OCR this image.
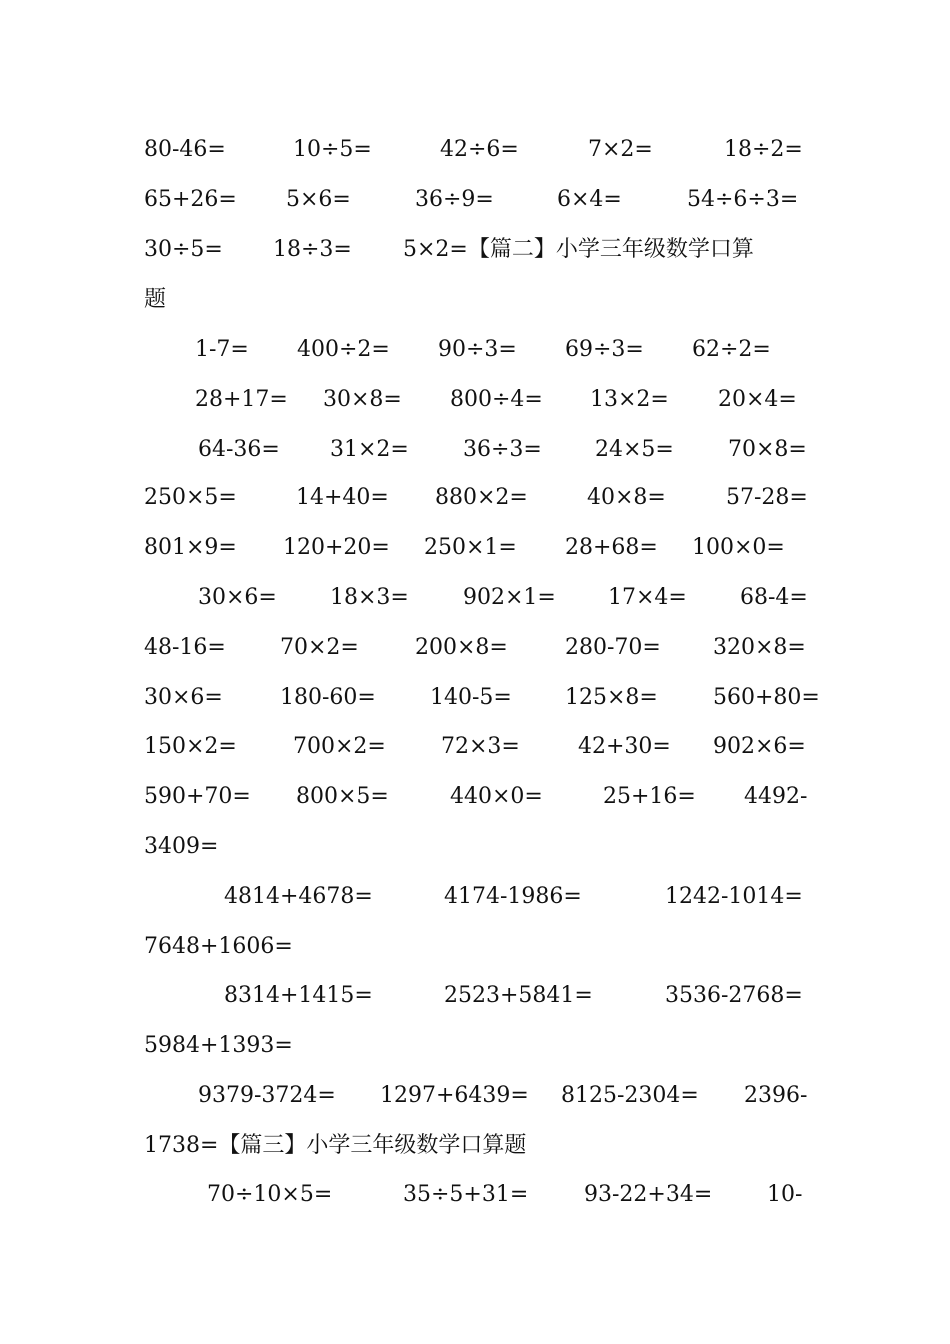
80-46=	10÷5=	42÷6=	7×2=	18÷2=
65+26= 5×6=	36÷9=	6×4=	54÷6÷3=
30÷5= 18÷3= 5×2=【篇二】小学三年级数学口算
题
1-7= 400÷2= 90÷3= 69÷3= 62÷2=
28+17= 30×8= 800÷4= 13×2= 20×4=
64-36= 31×2= 36÷3= 24×5= 70×8=
250×5=	14+40= 880×2=	40×8=	57-28=
801×9= 120+20= 250×1= 28+68= 100×0=
30×6= 18×3= 902×1= 17×4= 68-4=
48-16= 70×2=	200×8=	280-70= 320×8=
30×6=	180-60= 140-5= 125×8=	560+80=
150×2=	700×2=	72×3=	42+30= 902×6=
590+70= 800×5=	440×0=	25+16= 4492-
3409=
4814+4678=	4174-1986=	1242-1014=
7648+1606=
8314+1415=	2523+5841=	3536-2768=
5984+1393=
9379-3724= 1297+6439= 8125-2304= 2396-
1738=【篇三】小学三年级数学口算题
70÷10×5=	35÷5+31=	93-22+34= 10-
